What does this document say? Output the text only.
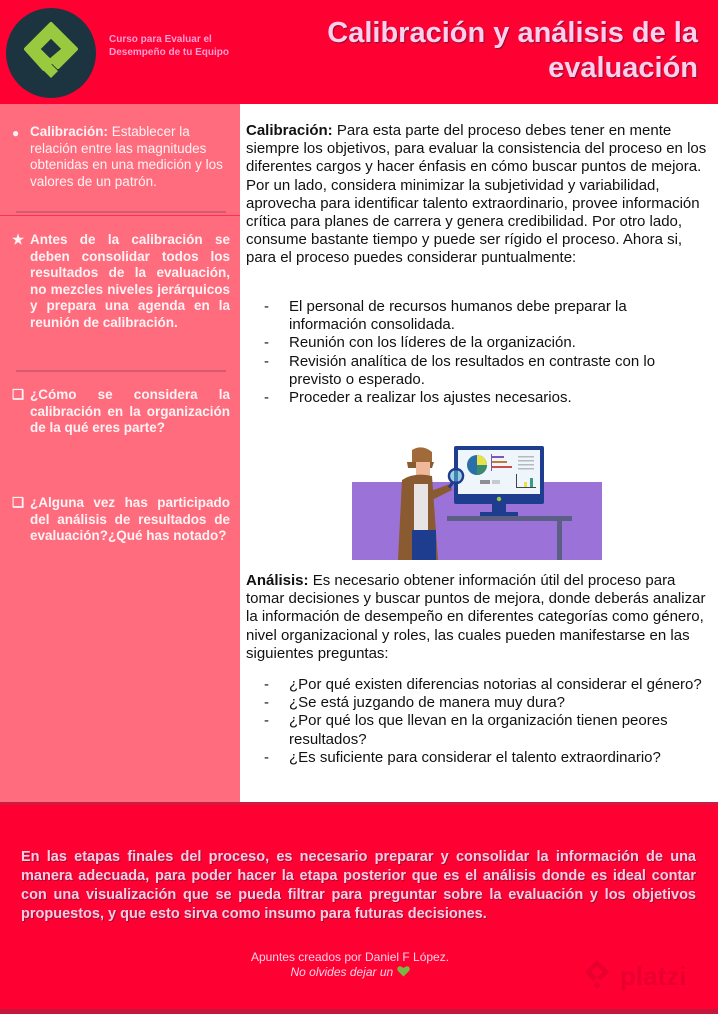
Curso para Evaluar el Desempeño de tu Equipo
Calibración y análisis de la
evaluación
● Calibración: Establecer la relación entre las magnitudes obtenidas en una medición y los valores de un patrón.
★ Antes de la calibración se deben consolidar todos los resultados de la evaluación, no mezcles niveles jerárquicos y prepara una agenda en la reunión de calibración.
❑ ¿Cómo se considera la calibración en la organización de la qué eres parte?
❑ ¿Alguna vez has participado del análisis de resultados de evaluación?¿Qué has notado?
Calibración: Para esta parte del proceso debes tener en mente siempre los objetivos, para evaluar la consistencia del proceso en los diferentes cargos y hacer énfasis en cómo buscar puntos de mejora. Por un lado, considera minimizar la subjetividad y variabilidad, aprovecha para identificar talento extraordinario, provee información crítica para planes de carrera y genera credibilidad. Por otro lado, consume bastante tiempo y puede ser rígido el proceso. Ahora si, para el proceso puedes considerar puntualmente:
- El personal de recursos humanos debe preparar la información consolidada.
- Reunión con los líderes de la organización.
- Revisión analítica de los resultados en contraste con lo previsto o esperado.
- Proceder a realizar los ajustes necesarios.
Análisis: Es necesario obtener información útil del proceso para tomar decisiones y buscar puntos de mejora, donde deberás analizar la información de desempeño en diferentes categorías como género, nivel organizacional y roles, las cuales pueden manifestarse en las siguientes preguntas:
- ¿Por qué existen diferencias notorias al considerar el género?
- ¿Se está juzgando de manera muy dura?
- ¿Por qué los que llevan en la organización tienen peores resultados?
- ¿Es suficiente para considerar el talento extraordinario?
En las etapas finales del proceso, es necesario preparar y consolidar la información de una manera adecuada, para poder hacer la etapa posterior que es el análisis donde es ideal contar con una visualización que se pueda filtrar para preguntar sobre la evaluación y los objetivos propuestos, y que esto sirva como insumo para futuras decisiones.
Apuntes creados por Daniel F López.
No olvides dejar un	platzi
